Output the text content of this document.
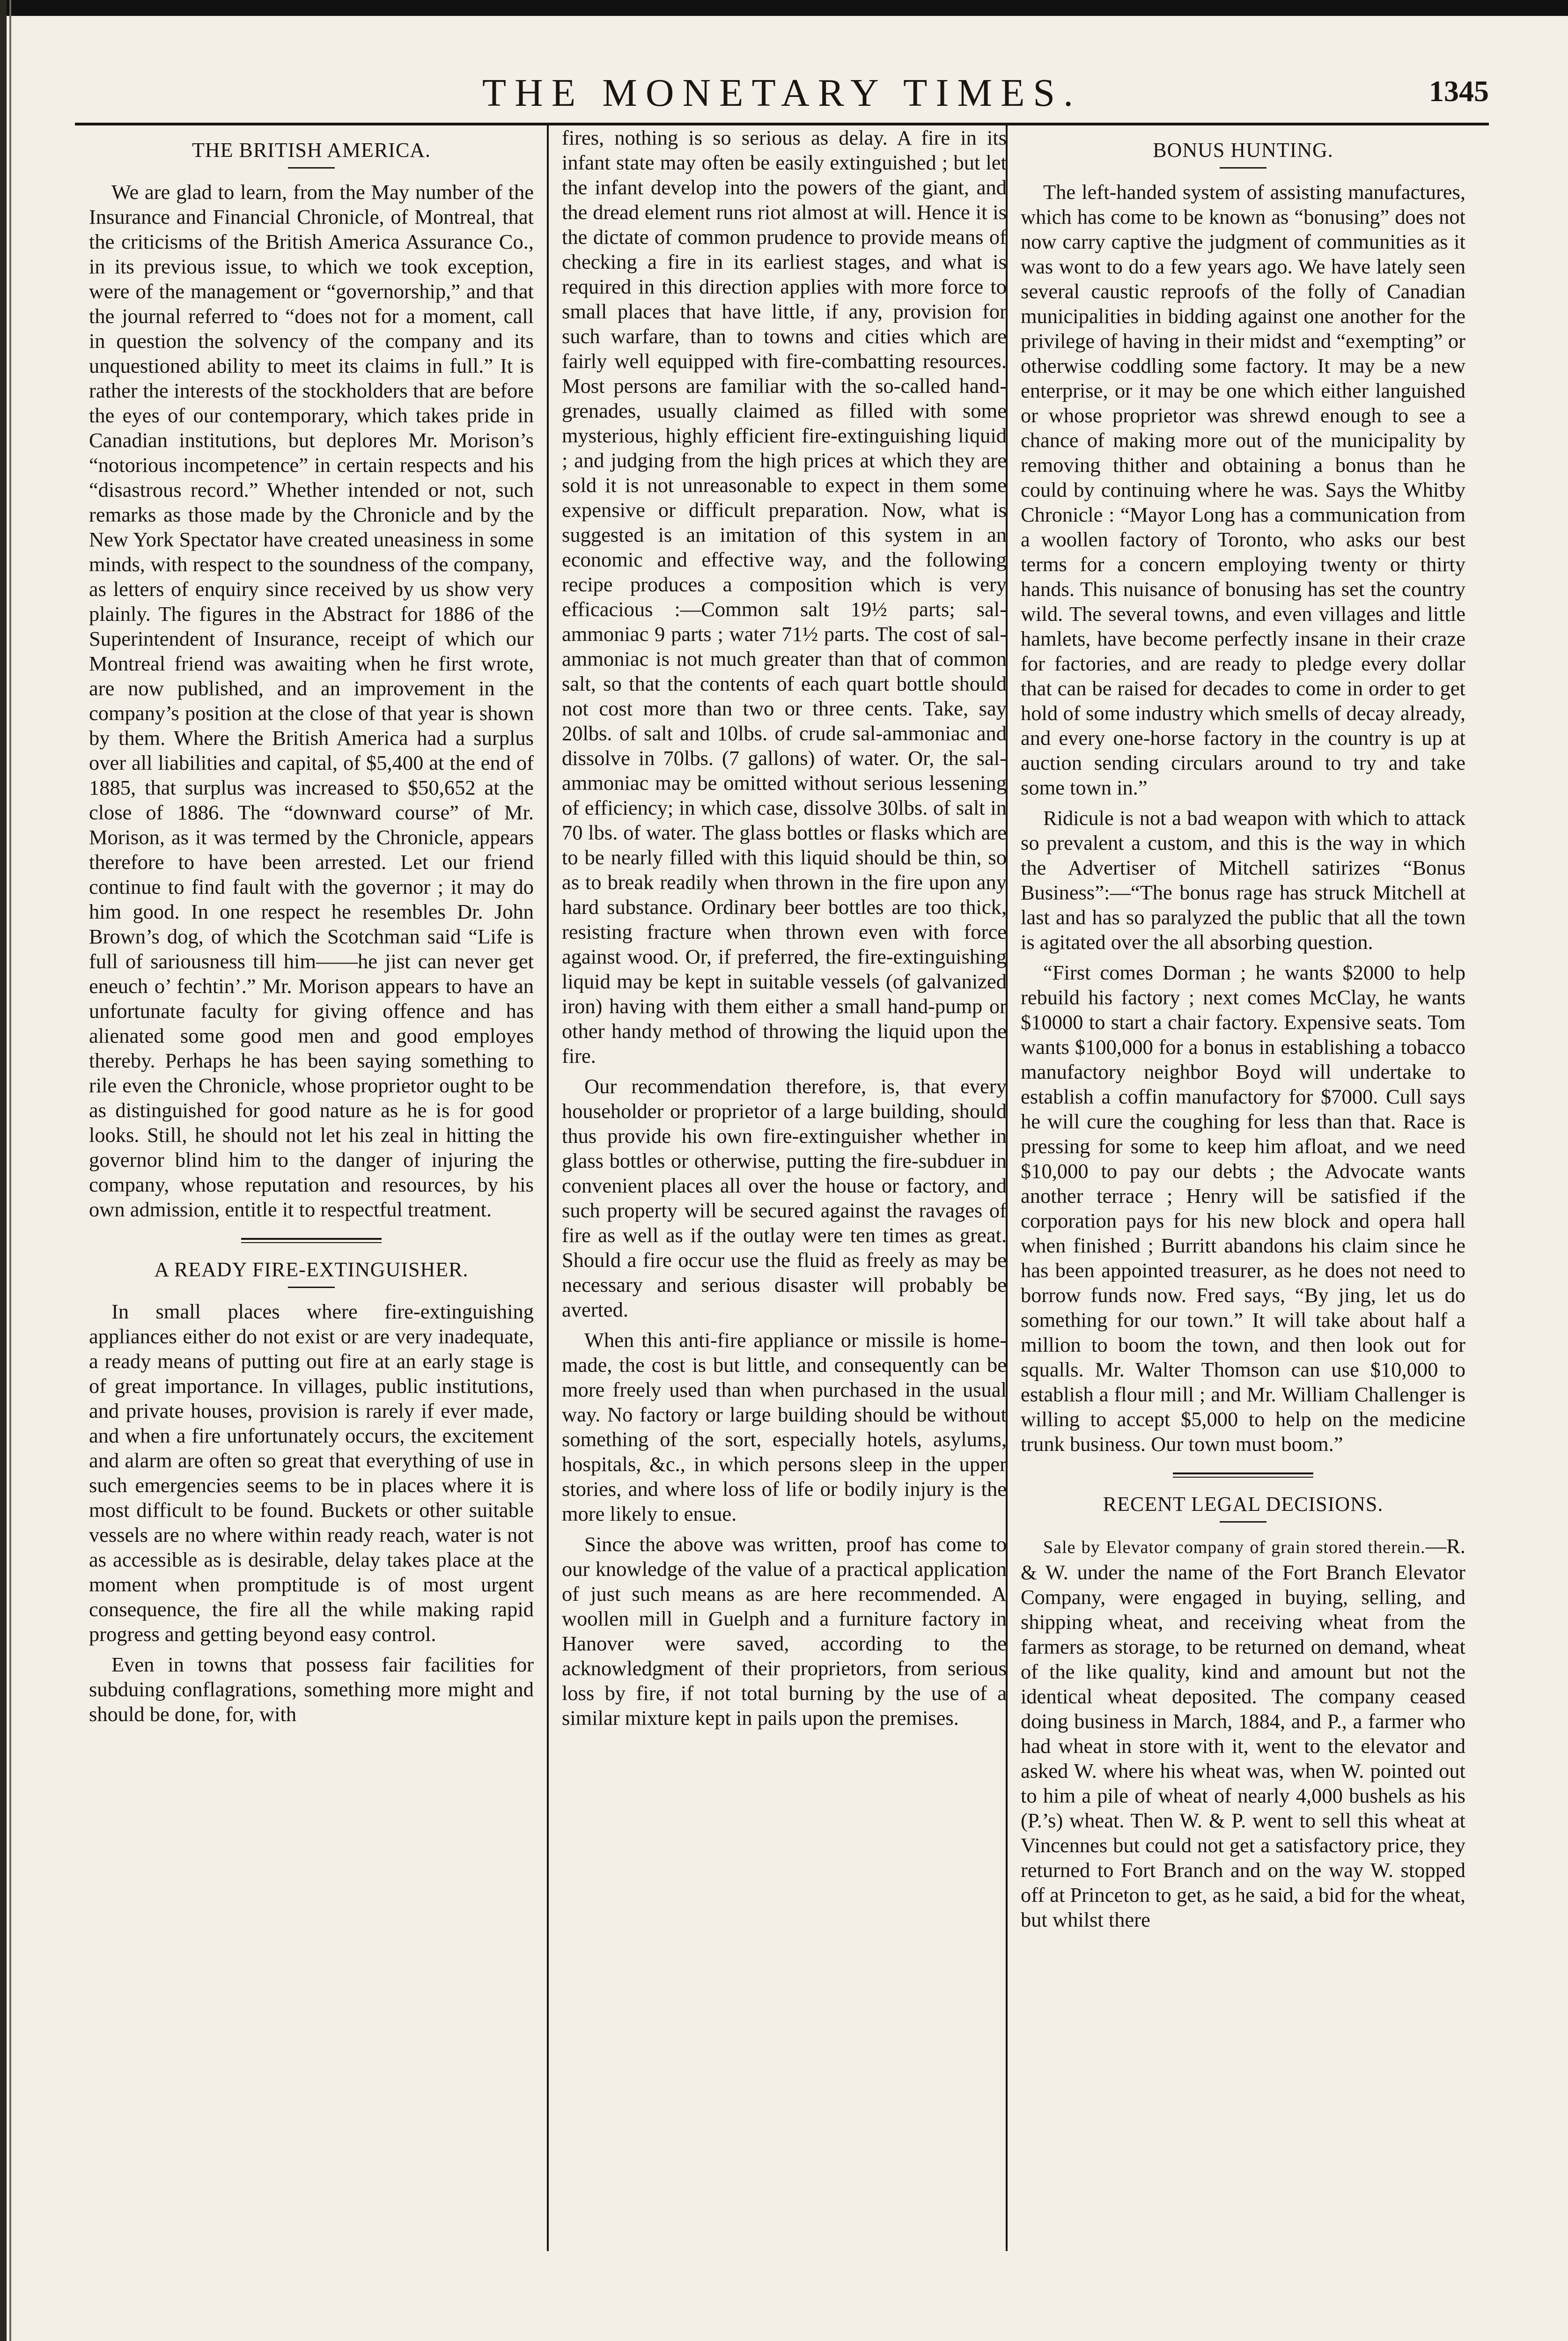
THE MONETARY TIMES.	1345
THE BRITISH AMERICA.

We are glad to learn, from the May number of the Insurance and Financial Chronicle, of Montreal, that the criticisms of the British America Assurance Co., in its previous issue, to which we took exception, were of the management or “governorship,” and that the journal referred to “does not for a moment, call in question the solvency of the company and its unquestioned ability to meet its claims in full.” It is rather the interests of the stockholders that are before the eyes of our contemporary, which takes pride in Canadian institutions, but deplores Mr. Morison’s “notorious incompetence” in certain respects and his “disastrous record.” Whether intended or not, such remarks as those made by the Chronicle and by the New York Spectator have created uneasiness in some minds, with respect to the soundness of the company, as letters of enquiry since received by us show very plainly. The figures in the Abstract for 1886 of the Superintendent of Insurance, receipt of which our Montreal friend was awaiting when he first wrote, are now published, and an improvement in the company’s position at the close of that year is shown by them. Where the British America had a surplus over all liabilities and capital, of $5,400 at the end of 1885, that surplus was increased to $50,652 at the close of 1886. The “downward course” of Mr. Morison, as it was termed by the Chronicle, appears therefore to have been arrested. Let our friend continue to find fault with the governor ; it may do him good. In one respect he resembles Dr. John Brown’s dog, of which the Scotchman said “Life is full of sariousness till him——he jist can never get eneuch o’ fechtin’.” Mr. Morison appears to have an unfortunate faculty for giving offence and has alienated some good men and good employes thereby. Perhaps he has been saying something to rile even the Chronicle, whose proprietor ought to be as distinguished for good nature as he is for good looks. Still, he should not let his zeal in hitting the governor blind him to the danger of injuring the company, whose reputation and resources, by his own admission, entitle it to respectful treatment.

A READY FIRE-EXTINGUISHER.

In small places where fire-extinguishing appliances either do not exist or are very inadequate, a ready means of putting out fire at an early stage is of great importance. In villages, public institutions, and private houses, provision is rarely if ever made, and when a fire unfortunately occurs, the excitement and alarm are often so great that everything of use in such emergencies seems to be in places where it is most difficult to be found. Buckets or other suitable vessels are no where within ready reach, water is not as accessible as is desirable, delay takes place at the moment when promptitude is of most urgent consequence, the fire all the while making rapid progress and getting beyond easy control.

Even in towns that possess fair facilities for subduing conflagrations, something more might and should be done, for, with

fires, nothing is so serious as delay. A fire in its infant state may often be easily extinguished ; but let the infant develop into the powers of the giant, and the dread element runs riot almost at will. Hence it is the dictate of common prudence to provide means of checking a fire in its earliest stages, and what is required in this direction applies with more force to small places that have little, if any, provision for such warfare, than to towns and cities which are fairly well equipped with fire-combatting resources. Most persons are familiar with the so-called hand-grenades, usually claimed as filled with some mysterious, highly efficient fire-extinguishing liquid ; and judging from the high prices at which they are sold it is not unreasonable to expect in them some expensive or difficult preparation. Now, what is suggested is an imitation of this system in an economic and effective way, and the following recipe produces a composition which is very efficacious :—Common salt 19½ parts; sal-ammoniac 9 parts ; water 71½ parts. The cost of sal-ammoniac is not much greater than that of common salt, so that the contents of each quart bottle should not cost more than two or three cents. Take, say 20lbs. of salt and 10lbs. of crude sal-ammoniac and dissolve in 70lbs. (7 gallons) of water. Or, the sal-ammoniac may be omitted without serious lessening of efficiency; in which case, dissolve 30lbs. of salt in 70 lbs. of water. The glass bottles or flasks which are to be nearly filled with this liquid should be thin, so as to break readily when thrown in the fire upon any hard substance. Ordinary beer bottles are too thick, resisting fracture when thrown even with force against wood. Or, if preferred, the fire-extinguishing liquid may be kept in suitable vessels (of galvanized iron) having with them either a small hand-pump or other handy method of throwing the liquid upon the fire.

Our recommendation therefore, is, that every householder or proprietor of a large building, should thus provide his own fire-extinguisher whether in glass bottles or otherwise, putting the fire-subduer in convenient places all over the house or factory, and such property will be secured against the ravages of fire as well as if the outlay were ten times as great. Should a fire occur use the fluid as freely as may be necessary and serious disaster will probably be averted.

When this anti-fire appliance or missile is home-made, the cost is but little, and consequently can be more freely used than when purchased in the usual way. No factory or large building should be without something of the sort, especially hotels, asylums, hospitals, &c., in which persons sleep in the upper stories, and where loss of life or bodily injury is the more likely to ensue.

Since the above was written, proof has come to our knowledge of the value of a practical application of just such means as are here recommended. A woollen mill in Guelph and a furniture factory in Hanover were saved, according to the acknowledgment of their proprietors, from serious loss by fire, if not total burning by the use of a similar mixture kept in pails upon the premises.

BONUS HUNTING.

The left-handed system of assisting manufactures, which has come to be known as “bonusing” does not now carry captive the judgment of communities as it was wont to do a few years ago. We have lately seen several caustic reproofs of the folly of Canadian municipalities in bidding against one another for the privilege of having in their midst and “exempting” or otherwise coddling some factory. It may be a new enterprise, or it may be one which either languished or whose proprietor was shrewd enough to see a chance of making more out of the municipality by removing thither and obtaining a bonus than he could by continuing where he was. Says the Whitby Chronicle : “Mayor Long has a communication from a woollen factory of Toronto, who asks our best terms for a concern employing twenty or thirty hands. This nuisance of bonusing has set the country wild. The several towns, and even villages and little hamlets, have become perfectly insane in their craze for factories, and are ready to pledge every dollar that can be raised for decades to come in order to get hold of some industry which smells of decay already, and every one-horse factory in the country is up at auction sending circulars around to try and take some town in.”

Ridicule is not a bad weapon with which to attack so prevalent a custom, and this is the way in which the Advertiser of Mitchell satirizes “Bonus Business”:—“The bonus rage has struck Mitchell at last and has so paralyzed the public that all the town is agitated over the all absorbing question.

“First comes Dorman ; he wants $2000 to help rebuild his factory ; next comes McClay, he wants $10000 to start a chair factory. Expensive seats. Tom wants $100,000 for a bonus in establishing a tobacco manufactory neighbor Boyd will undertake to establish a coffin manufactory for $7000. Cull says he will cure the coughing for less than that. Race is pressing for some to keep him afloat, and we need $10,000 to pay our debts ; the Advocate wants another terrace ; Henry will be satisfied if the corporation pays for his new block and opera hall when finished ; Burritt abandons his claim since he has been appointed treasurer, as he does not need to borrow funds now. Fred says, “By jing, let us do something for our town.” It will take about half a million to boom the town, and then look out for squalls. Mr. Walter Thomson can use $10,000 to establish a flour mill ; and Mr. William Challenger is willing to accept $5,000 to help on the medicine trunk business. Our town must boom.”

RECENT LEGAL DECISIONS.

Sale by Elevator company of grain stored therein.—R. & W. under the name of the Fort Branch Elevator Company, were engaged in buying, selling, and shipping wheat, and receiving wheat from the farmers as storage, to be returned on demand, wheat of the like quality, kind and amount but not the identical wheat deposited. The company ceased doing business in March, 1884, and P., a farmer who had wheat in store with it, went to the elevator and asked W. where his wheat was, when W. pointed out to him a pile of wheat of nearly 4,000 bushels as his (P.’s) wheat. Then W. & P. went to sell this wheat at Vincennes but could not get a satisfactory price, they returned to Fort Branch and on the way W. stopped off at Princeton to get, as he said, a bid for the wheat, but whilst there
